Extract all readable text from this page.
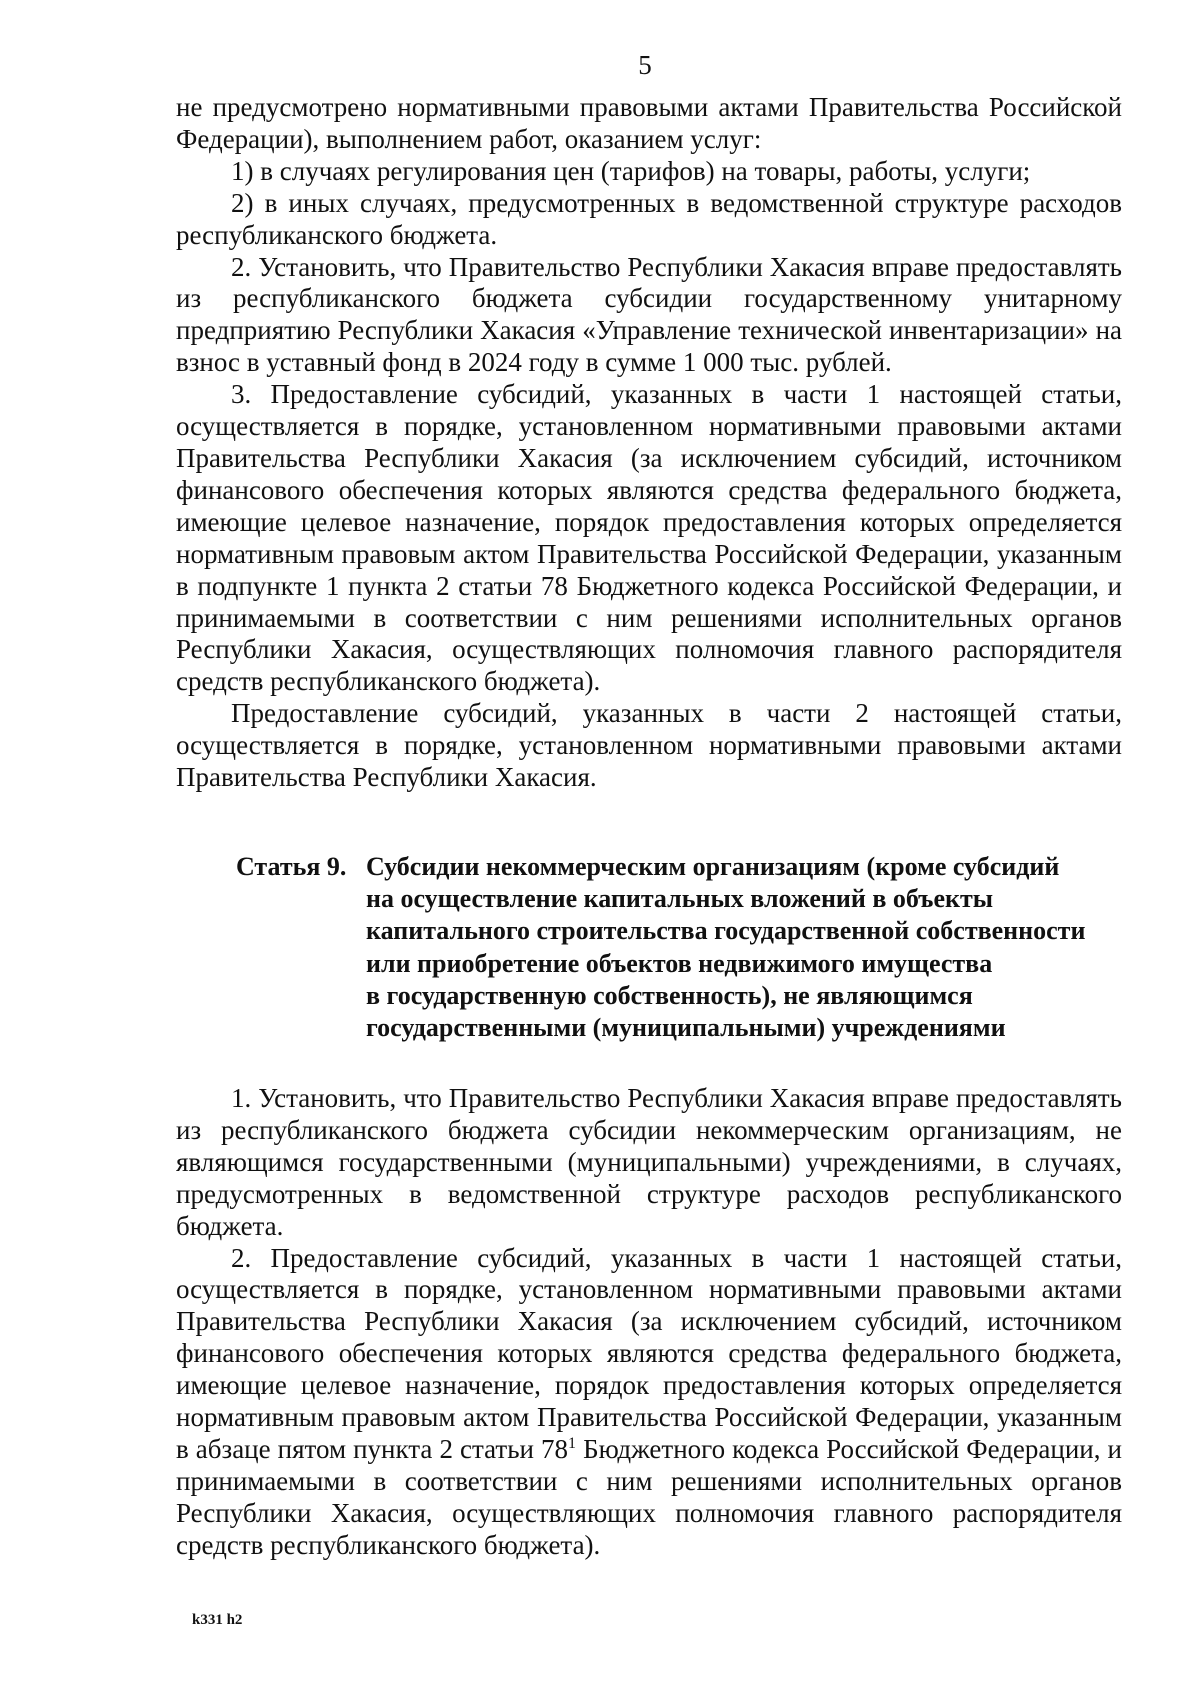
5

не предусмотрено нормативными правовыми актами Правительства Российской Федерации), выполнением работ, оказанием услуг:

1) в случаях регулирования цен (тарифов) на товары, работы, услуги;

2) в иных случаях, предусмотренных в ведомственной структуре расходов республиканского бюджета.

2. Установить, что Правительство Республики Хакасия вправе предоставлять из республиканского бюджета субсидии государственному унитарному предприятию Республики Хакасия «Управление технической инвентаризации» на взнос в уставный фонд в 2024 году в сумме 1 000 тыс. рублей.

3. Предоставление субсидий, указанных в части 1 настоящей статьи, осуществляется в порядке, установленном нормативными правовыми актами Правительства Республики Хакасия (за исключением субсидий, источником финансового обеспечения которых являются средства федерального бюджета, имеющие целевое назначение, порядок предоставления которых определяется нормативным правовым актом Правительства Российской Федерации, указанным в подпункте 1 пункта 2 статьи 78 Бюджетного кодекса Российской Федерации, и принимаемыми в соответствии с ним решениями исполнительных органов Республики Хакасия, осуществляющих полномочия главного распорядителя средств республиканского бюджета).

Предоставление субсидий, указанных в части 2 настоящей статьи, осуществляется в порядке, установленном нормативными правовыми актами Правительства Республики Хакасия.

Статья 9. Субсидии некоммерческим организациям (кроме субсидий
на осуществление капитальных вложений в объекты
капитального строительства государственной собственности
или приобретение объектов недвижимого имущества
в государственную собственность), не являющимся
государственными (муниципальными) учреждениями

1. Установить, что Правительство Республики Хакасия вправе предоставлять из республиканского бюджета субсидии некоммерческим организациям, не являющимся государственными (муниципальными) учреждениями, в случаях, предусмотренных в ведомственной структуре расходов республиканского бюджета.

2. Предоставление субсидий, указанных в части 1 настоящей статьи, осуществляется в порядке, установленном нормативными правовыми актами Правительства Республики Хакасия (за исключением субсидий, источником финансового обеспечения которых являются средства федерального бюджета, имеющие целевое назначение, порядок предоставления которых определяется нормативным правовым актом Правительства Российской Федерации, указанным в абзаце пятом пункта 2 статьи $78^1$ Бюджетного кодекса Российской Федерации, и принимаемыми в соответствии с ним решениями исполнительных органов Республики Хакасия, осуществляющих полномочия главного распорядителя средств республиканского бюджета).

k331 h2
